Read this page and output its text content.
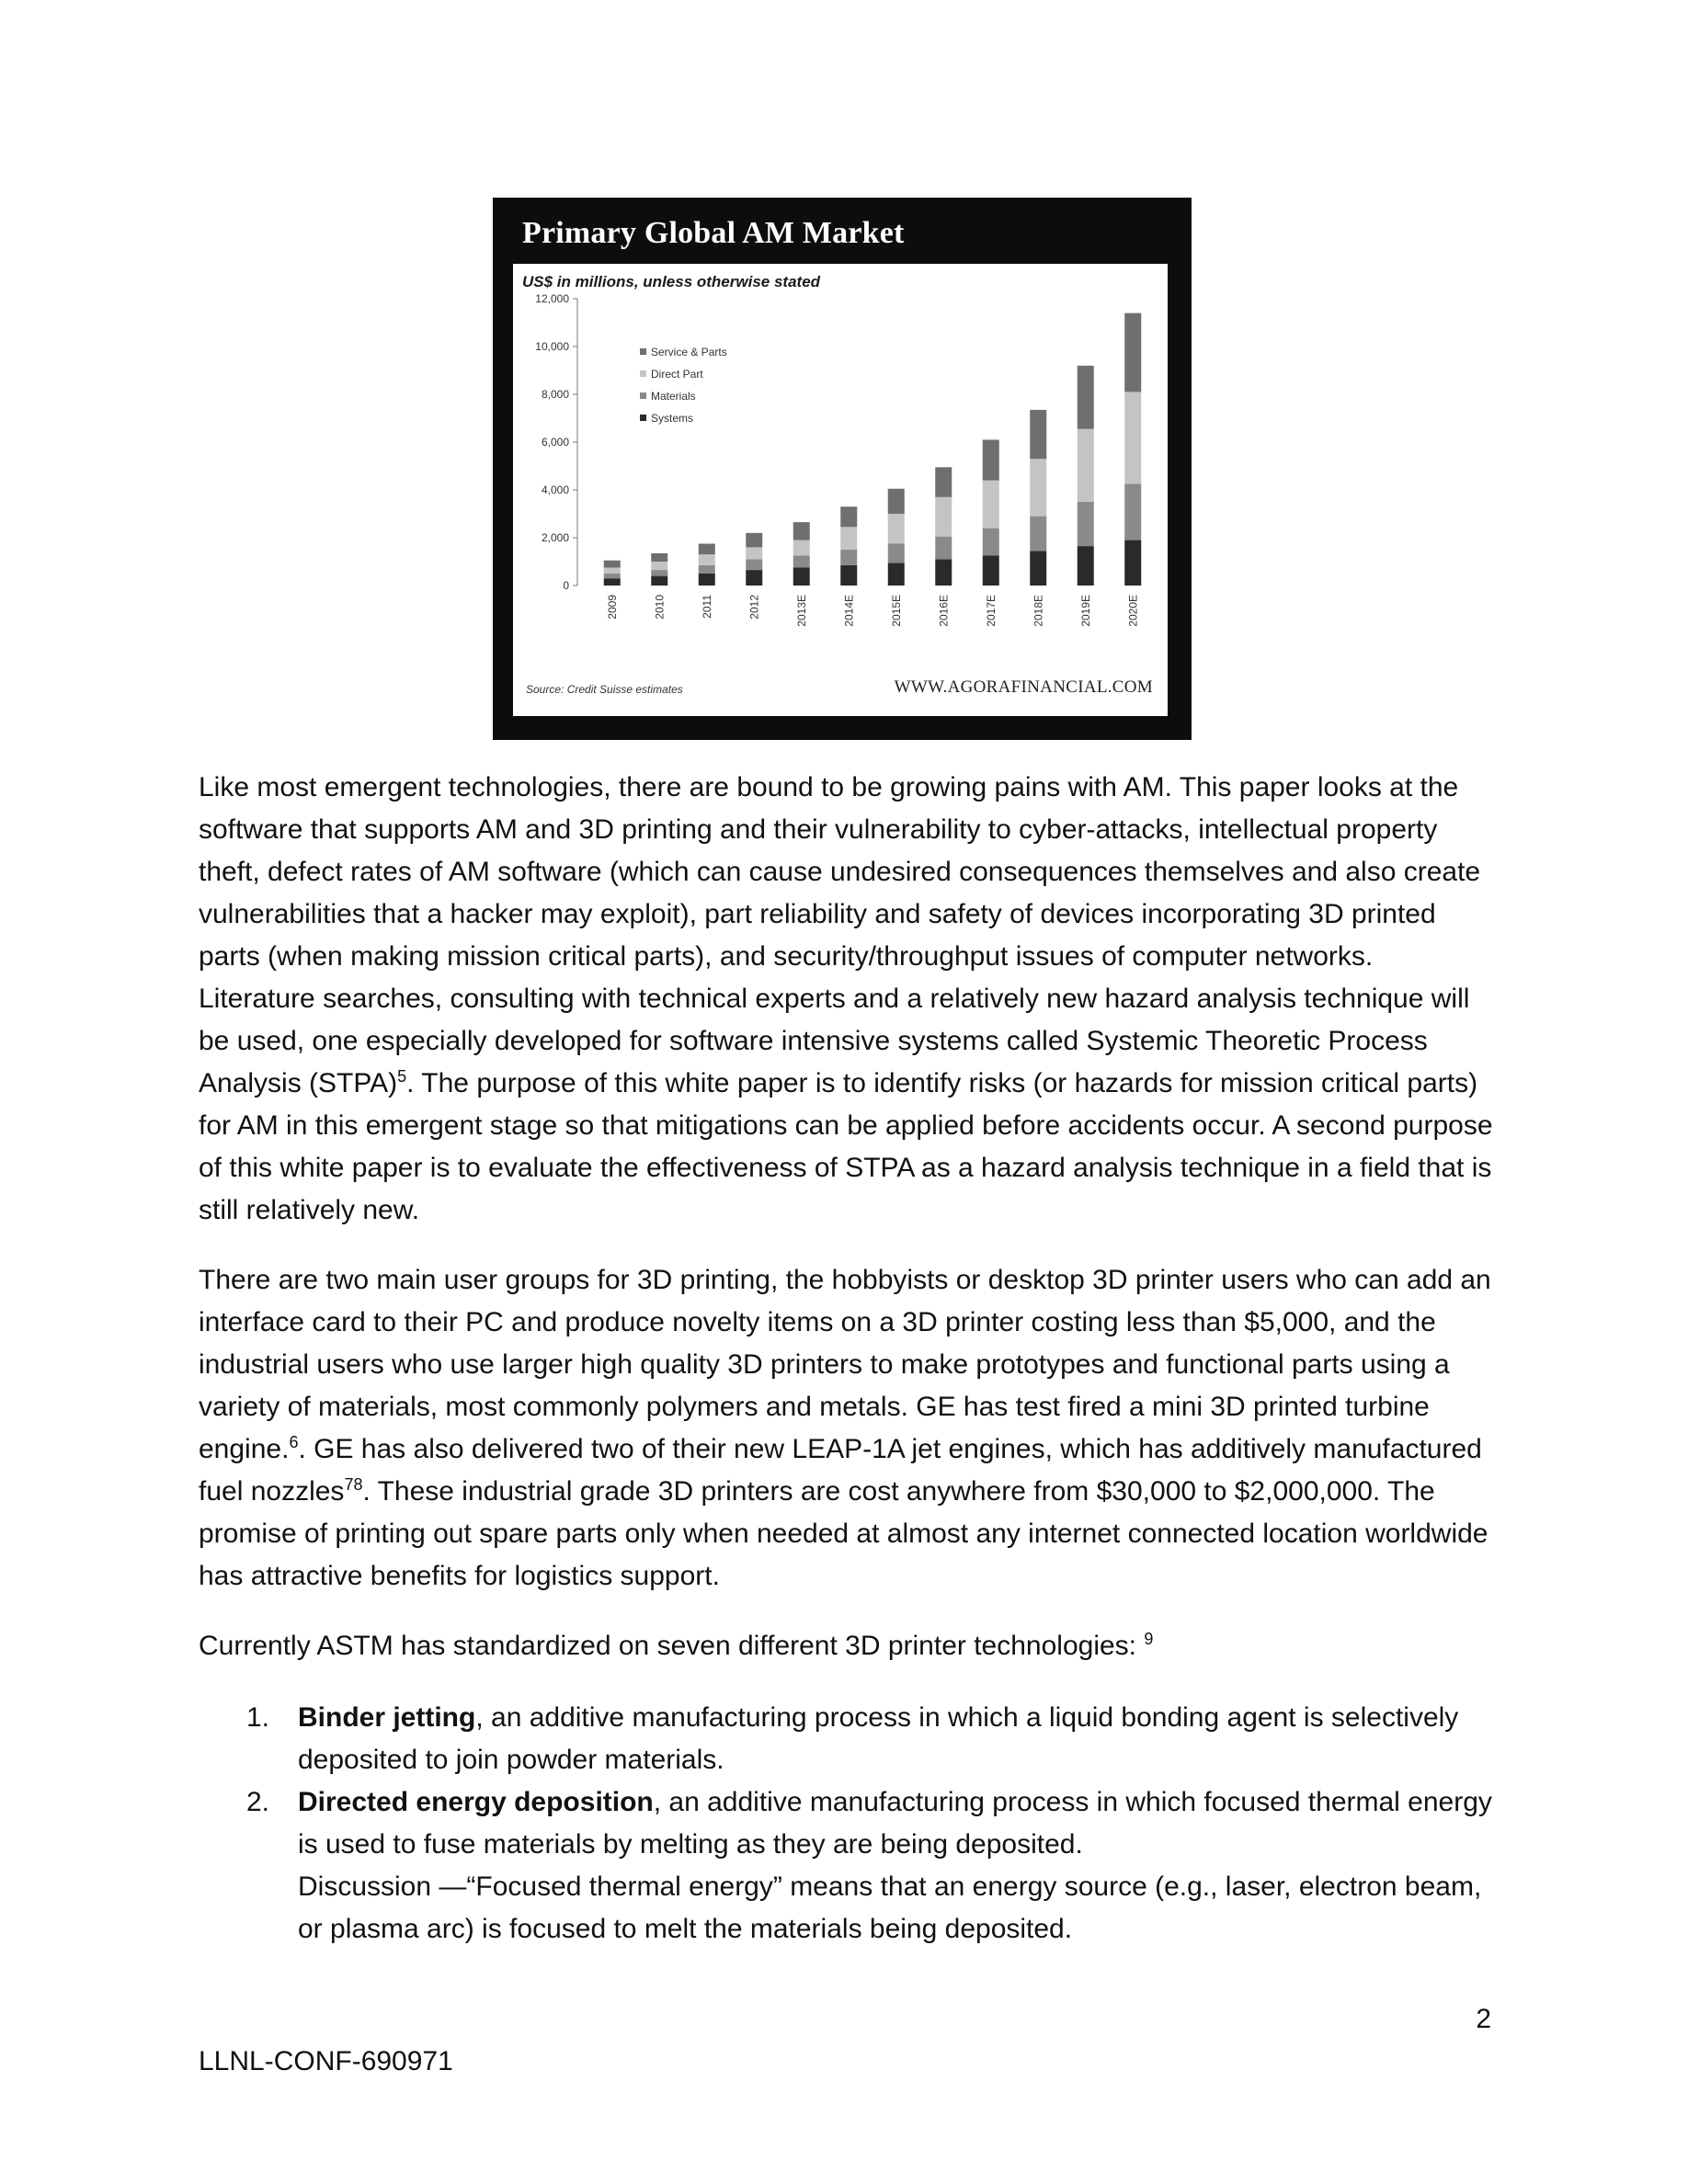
Primary Global AM Market
0
2,000
4,000
6,000
8,000
10,000
12,000
2009	2010	2011	2012	2013E	2014E	2015E	2016E	2017E	2018E	2019E	2020E
Service & Parts
Direct Part
Materials
Systems
US$ in millions, unless otherwise stated
Source: Credit Suisse estimates	WWW.AGORAFINANCIAL.COM

Like most emergent technologies, there are bound to be growing pains with AM. This paper looks at the software that supports AM and 3D printing and their vulnerability to cyber-attacks, intellectual property theft, defect rates of AM software (which can cause undesired consequences themselves and also create vulnerabilities that a hacker may exploit), part reliability and safety of devices incorporating 3D printed parts (when making mission critical parts), and security/throughput issues of computer networks. Literature searches, consulting with technical experts and a relatively new hazard analysis technique will be used, one especially developed for software intensive systems called Systemic Theoretic Process Analysis (STPA)$^5$. The purpose of this white paper is to identify risks (or hazards for mission critical parts) for AM in this emergent stage so that mitigations can be applied before accidents occur. A second purpose of this white paper is to evaluate the effectiveness of STPA as a hazard analysis technique in a field that is still relatively new.

There are two main user groups for 3D printing, the hobbyists or desktop 3D printer users who can add an interface card to their PC and produce novelty items on a 3D printer costing less than $5,000, and the industrial users who use larger high quality 3D printers to make prototypes and functional parts using a variety of materials, most commonly polymers and metals. GE has test fired a mini 3D printed turbine engine.$^6$. GE has also delivered two of their new LEAP-1A jet engines, which has additively manufactured fuel nozzles$^{78}$. These industrial grade 3D printers are cost anywhere from $30,000 to $2,000,000. The promise of printing out spare parts only when needed at almost any internet connected location worldwide has attractive benefits for logistics support.

Currently ASTM has standardized on seven different 3D printer technologies: $^9$

1. Binder jetting, an additive manufacturing process in which a liquid bonding agent is selectively deposited to join powder materials.
2. Directed energy deposition, an additive manufacturing process in which focused thermal energy is used to fuse materials by melting as they are being deposited.
Discussion —“Focused thermal energy” means that an energy source (e.g., laser, electron beam, or plasma arc) is focused to melt the materials being deposited.
2
LLNL-CONF-690971
